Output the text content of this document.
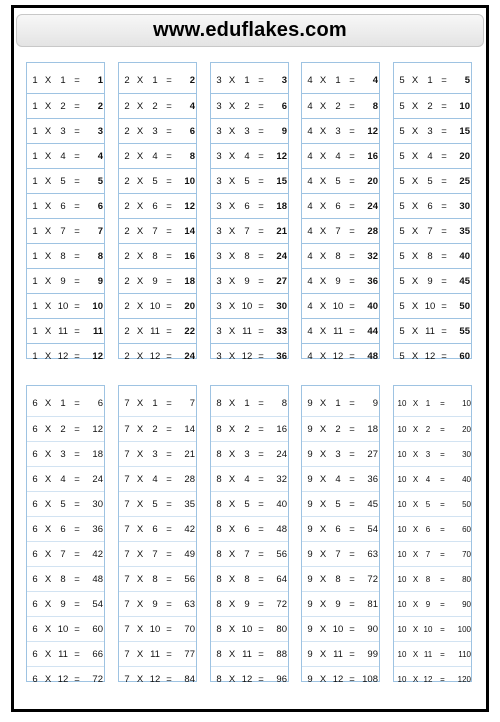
www.eduflakes.com
1 X 1 =	1
1 X 2 =	2
1 X 3 =	3
1 X 4 =	4
1 X 5 =	5
1 X 6 =	6
1 X 7 =	7
1 X 8 =	8
1 X 9 =	9
1 X 10 =	10
1 X 11 =	11
1 X 12 =	12
2 X 1 =	2
2 X 2 =	4
2 X 3 =	6
2 X 4 =	8
2 X 5 =	10
2 X 6 =	12
2 X 7 =	14
2 X 8 =	16
2 X 9 =	18
2 X 10 =	20
2 X 11 =	22
2 X 12 =	24
3 X 1 =	3
3 X 2 =	6
3 X 3 =	9
3 X 4 =	12
3 X 5 =	15
3 X 6 =	18
3 X 7 =	21
3 X 8 =	24
3 X 9 =	27
3 X 10 =	30
3 X 11 =	33
3 X 12 =	36
4 X 1 =	4
4 X 2 =	8
4 X 3 =	12
4 X 4 =	16
4 X 5 =	20
4 X 6 =	24
4 X 7 =	28
4 X 8 =	32
4 X 9 =	36
4 X 10 =	40
4 X 11 =	44
4 X 12 =	48
5 X 1 =	5
5 X 2 =	10
5 X 3 =	15
5 X 4 =	20
5 X 5 =	25
5 X 6 =	30
5 X 7 =	35
5 X 8 =	40
5 X 9 =	45
5 X 10 =	50
5 X 11 =	55
5 X 12 =	60
6 X 1 =	6
6 X 2 =	12
6 X 3 =	18
6 X 4 =	24
6 X 5 =	30
6 X 6 =	36
6 X 7 =	42
6 X 8 =	48
6 X 9 =	54
6 X 10 =	60
6 X 11 =	66
6 X 12 =	72
7 X 1 =	7
7 X 2 =	14
7 X 3 =	21
7 X 4 =	28
7 X 5 =	35
7 X 6 =	42
7 X 7 =	49
7 X 8 =	56
7 X 9 =	63
7 X 10 =	70
7 X 11 =	77
7 X 12 =	84
8 X 1 =	8
8 X 2 =	16
8 X 3 =	24
8 X 4 =	32
8 X 5 =	40
8 X 6 =	48
8 X 7 =	56
8 X 8 =	64
8 X 9 =	72
8 X 10 =	80
8 X 11 =	88
8 X 12 =	96
9 X 1 =	9
9 X 2 =	18
9 X 3 =	27
9 X 4 =	36
9 X 5 =	45
9 X 6 =	54
9 X 7 =	63
9 X 8 =	72
9 X 9 =	81
9 X 10 =	90
9 X 11 =	99
9 X 12 = 108
10 X 1	=	10
10 X 2	=	20
10 X 3	=	30
10 X 4	=	40
10 X 5	=	50
10 X 6	=	60
10 X 7	=	70
10 X 8	=	80
10 X 9	=	90
10 X 10 =	100
10 X 11	=	110
10 X 12 =	120
